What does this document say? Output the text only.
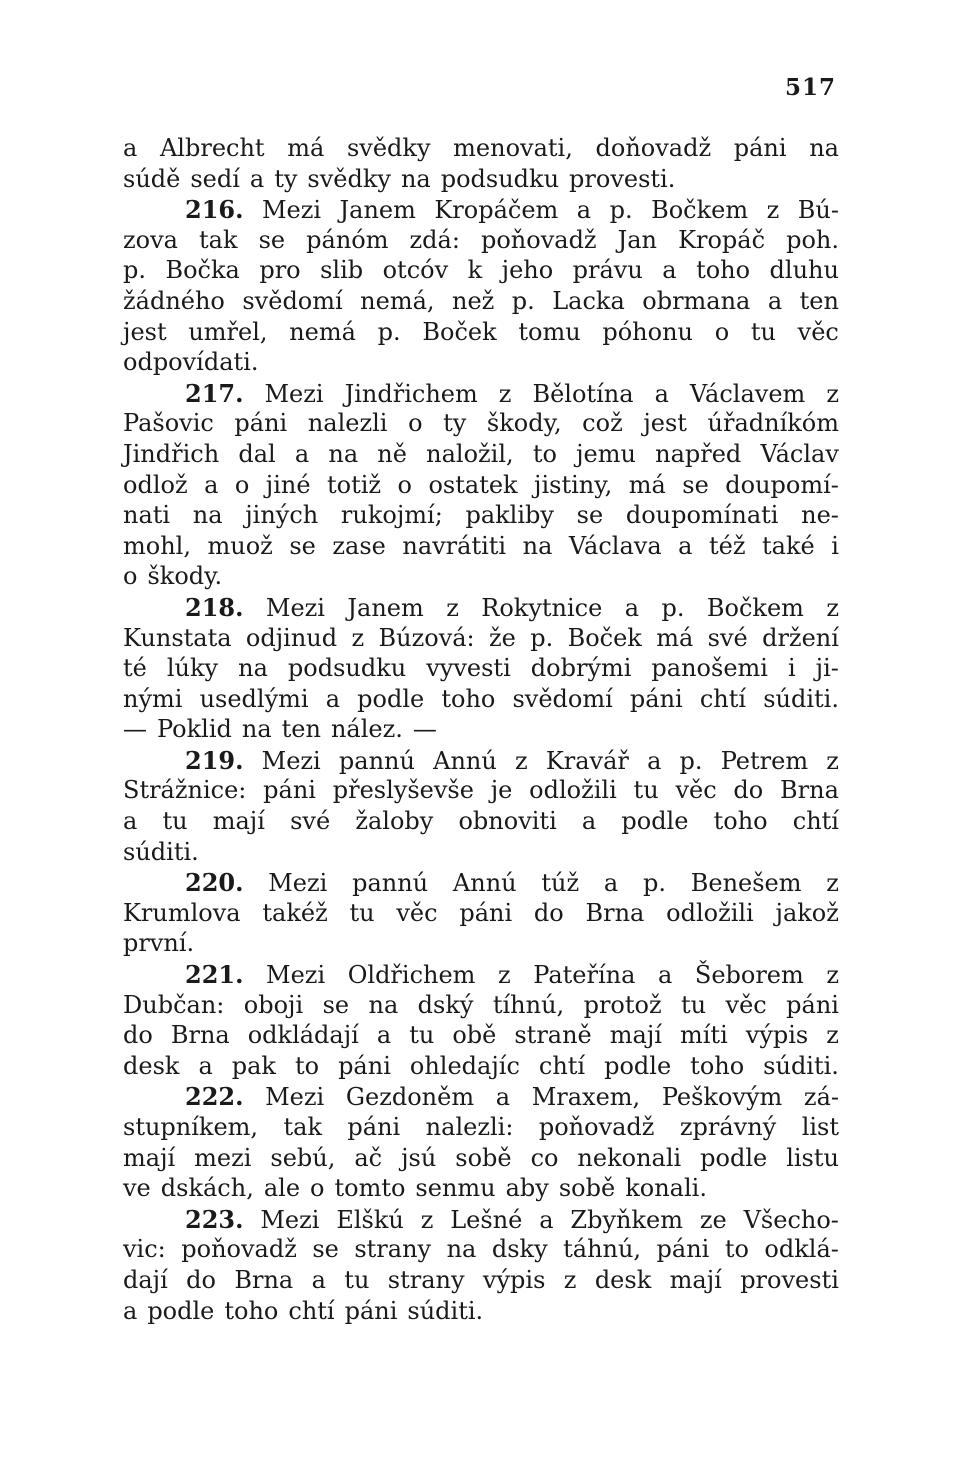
517
a Albrecht má svědky menovati, doňovadž páni na
súdě sedí a ty svědky na podsudku provesti.
216. Mezi Janem Kropáčem a p. Bočkem z Bú-
zova tak se pánóm zdá: poňovadž Jan Kropáč poh.
p. Bočka pro slib otcóv k jeho právu a toho dluhu
žádného svědomí nemá, než p. Lacka obrmana a ten
jest umřel, nemá p. Boček tomu póhonu o tu věc
odpovídati.
217. Mezi Jindřichem z Bělotína a Václavem z
Pašovic páni nalezli o ty škody, což jest úřadníkóm
Jindřich dal a na ně naložil, to jemu napřed Václav
odlož a o jiné totiž o ostatek jistiny, má se doupomí-
nati na jiných rukojmí; pakliby se doupomínati ne-
mohl, muož se zase navrátiti na Václava a též také i
o škody.
218. Mezi Janem z Rokytnice a p. Bočkem z
Kunstata odjinud z Búzová: že p. Boček má své držení
té lúky na podsudku vyvesti dobrými panošemi i ji-
nými usedlými a podle toho svědomí páni chtí súditi.
— Poklid na ten nález. —
219. Mezi pannú Annú z Kravář a p. Petrem z
Strážnice: páni přeslyševše je odložili tu věc do Brna
a tu mají své žaloby obnoviti a podle toho chtí
súditi.
220. Mezi pannú Annú túž a p. Benešem z
Krumlova takéž tu věc páni do Brna odložili jakož
první.
221. Mezi Oldřichem z Pateřína a Šeborem z
Dubčan: oboji se na dský tíhnú, protož tu věc páni
do Brna odkládají a tu obě straně mají míti výpis z
desk a pak to páni ohledajíc chtí podle toho súditi.
222. Mezi Gezdoněm a Mraxem, Peškovým zá-
stupníkem, tak páni nalezli: poňovadž zprávný list
mají mezi sebú, ač jsú sobě co nekonali podle listu
ve dskách, ale o tomto senmu aby sobě konali.
223. Mezi Elškú z Lešné a Zbyňkem ze Všecho-
vic: poňovadž se strany na dsky táhnú, páni to odklá-
dají do Brna a tu strany výpis z desk mají provesti
a podle toho chtí páni súditi.
